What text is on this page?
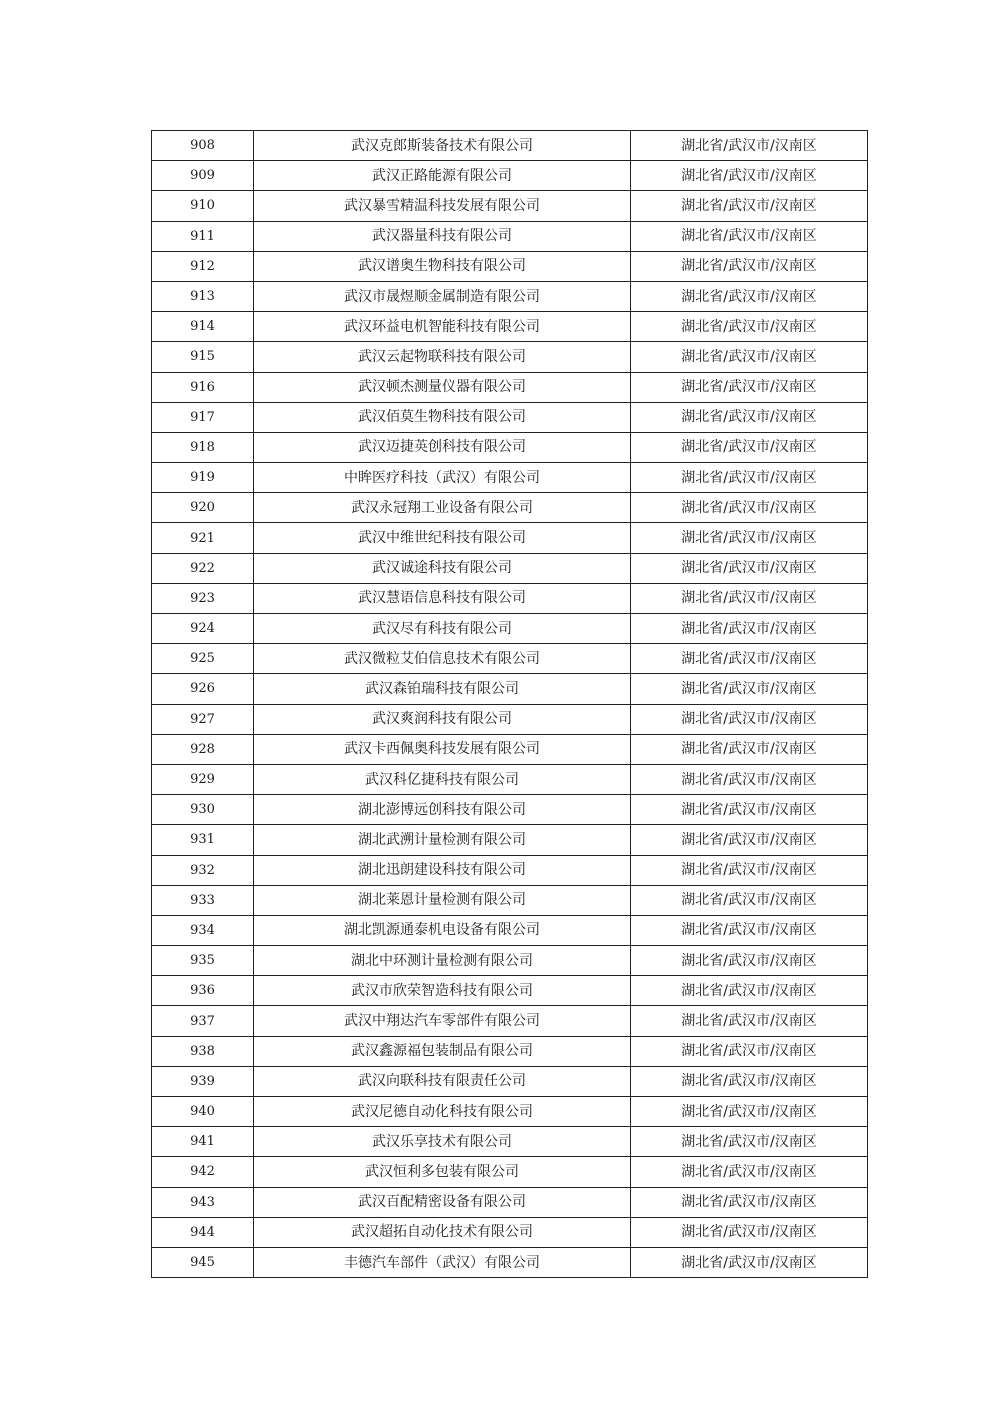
908	武汉克郎斯装备技术有限公司	湖北省/武汉市/汉南区
909	武汉正路能源有限公司	湖北省/武汉市/汉南区
910	武汉暴雪精温科技发展有限公司	湖北省/武汉市/汉南区
911	武汉器量科技有限公司	湖北省/武汉市/汉南区
912	武汉谱奥生物科技有限公司	湖北省/武汉市/汉南区
913	武汉市晟煜顺金属制造有限公司	湖北省/武汉市/汉南区
914	武汉环益电机智能科技有限公司	湖北省/武汉市/汉南区
915	武汉云起物联科技有限公司	湖北省/武汉市/汉南区
916	武汉顿杰测量仪器有限公司	湖北省/武汉市/汉南区
917	武汉佰莫生物科技有限公司	湖北省/武汉市/汉南区
918	武汉迈捷英创科技有限公司	湖北省/武汉市/汉南区
919	中眸医疗科技（武汉）有限公司	湖北省/武汉市/汉南区
920	武汉永冠翔工业设备有限公司	湖北省/武汉市/汉南区
921	武汉中维世纪科技有限公司	湖北省/武汉市/汉南区
922	武汉诚途科技有限公司	湖北省/武汉市/汉南区
923	武汉慧语信息科技有限公司	湖北省/武汉市/汉南区
924	武汉尽有科技有限公司	湖北省/武汉市/汉南区
925	武汉微粒艾伯信息技术有限公司	湖北省/武汉市/汉南区
926	武汉森铂瑞科技有限公司	湖北省/武汉市/汉南区
927	武汉爽润科技有限公司	湖北省/武汉市/汉南区
928	武汉卡西佩奥科技发展有限公司	湖北省/武汉市/汉南区
929	武汉科亿捷科技有限公司	湖北省/武汉市/汉南区
930	湖北澎博远创科技有限公司	湖北省/武汉市/汉南区
931	湖北武溯计量检测有限公司	湖北省/武汉市/汉南区
932	湖北迅朗建设科技有限公司	湖北省/武汉市/汉南区
933	湖北莱恩计量检测有限公司	湖北省/武汉市/汉南区
934	湖北凯源通泰机电设备有限公司	湖北省/武汉市/汉南区
935	湖北中环测计量检测有限公司	湖北省/武汉市/汉南区
936	武汉市欣荣智造科技有限公司	湖北省/武汉市/汉南区
937	武汉中翔达汽车零部件有限公司	湖北省/武汉市/汉南区
938	武汉鑫源福包装制品有限公司	湖北省/武汉市/汉南区
939	武汉向联科技有限责任公司	湖北省/武汉市/汉南区
940	武汉尼德自动化科技有限公司	湖北省/武汉市/汉南区
941	武汉乐享技术有限公司	湖北省/武汉市/汉南区
942	武汉恒利多包装有限公司	湖北省/武汉市/汉南区
943	武汉百配精密设备有限公司	湖北省/武汉市/汉南区
944	武汉超拓自动化技术有限公司	湖北省/武汉市/汉南区
945	丰德汽车部件（武汉）有限公司	湖北省/武汉市/汉南区
